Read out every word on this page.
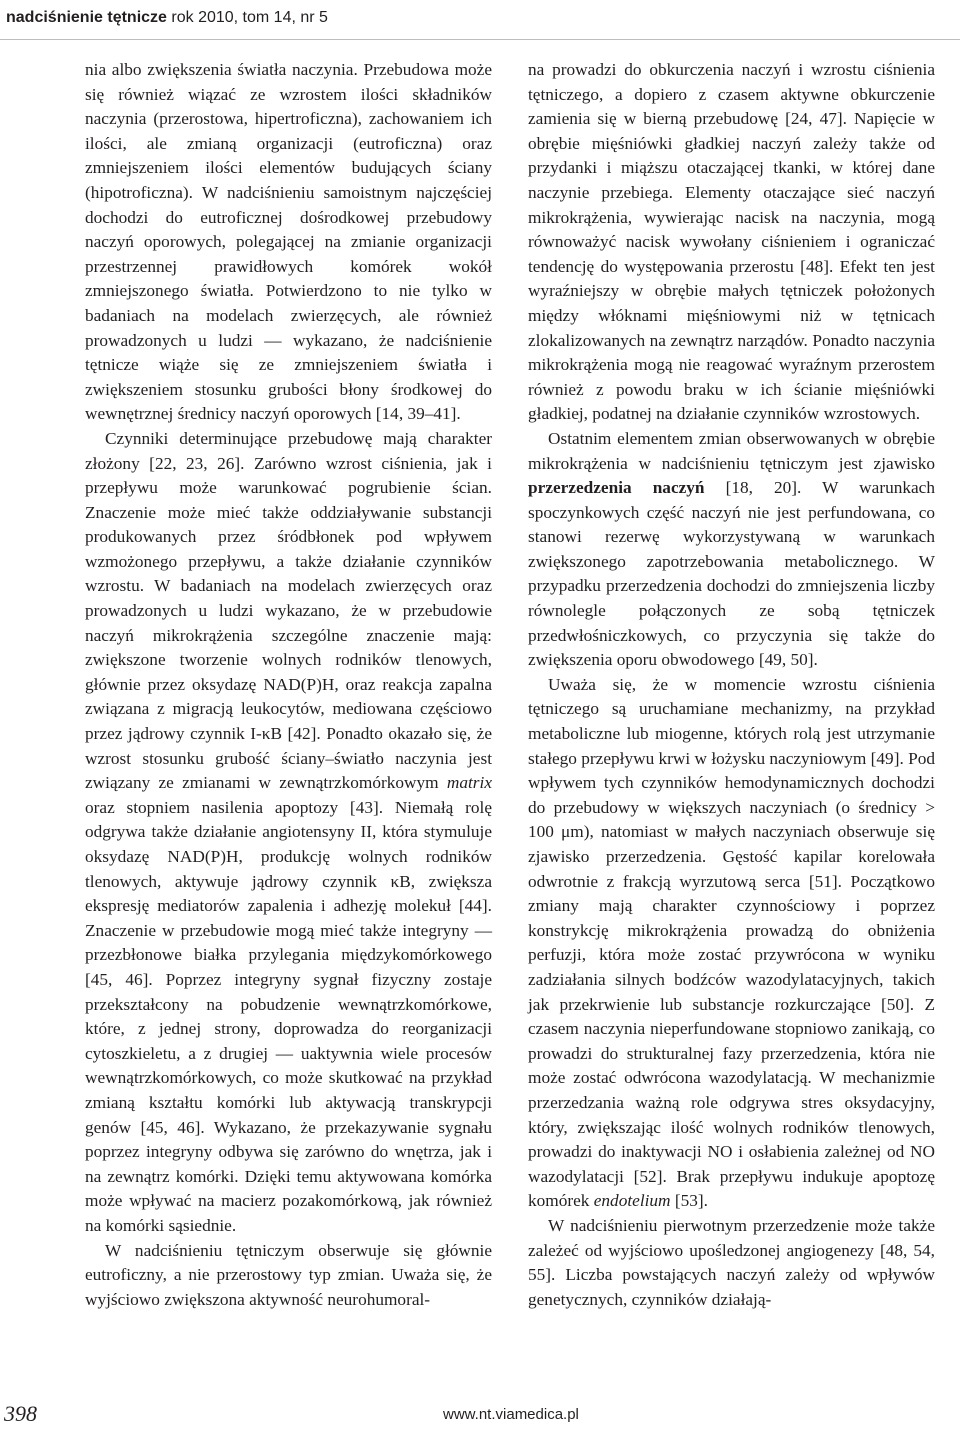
nadciśnienie tętnicze rok 2010, tom 14, nr 5

nia albo zwiększenia światła naczynia. Przebudowa może się również wiązać ze wzrostem ilości składników naczynia (przerostowa, hipertroficzna), zachowaniem ich ilości, ale zmianą organizacji (eutroficzna) oraz zmniejszeniem ilości elementów budujących ściany (hipotroficzna). W nadciśnieniu samoistnym najczęściej dochodzi do eutroficznej dośrodkowej przebudowy naczyń oporowych, polegającej na zmianie organizacji przestrzennej prawidłowych komórek wokół zmniejszonego światła. Potwierdzono to nie tylko w badaniach na modelach zwierzęcych, ale również prowadzonych u ludzi — wykazano, że nadciśnienie tętnicze wiąże się ze zmniejszeniem światła i zwiększeniem stosunku grubości błony środkowej do wewnętrznej średnicy naczyń oporowych [14, 39–41].

Czynniki determinujące przebudowę mają charakter złożony [22, 23, 26]. Zarówno wzrost ciśnienia, jak i przepływu może warunkować pogrubienie ścian. Znaczenie może mieć także oddziaływanie substancji produkowanych przez śródbłonek pod wpływem wzmożonego przepływu, a także działanie czynników wzrostu. W badaniach na modelach zwierzęcych oraz prowadzonych u ludzi wykazano, że w przebudowie naczyń mikrokrążenia szczególne znaczenie mają: zwiększone tworzenie wolnych rodników tlenowych, głównie przez oksydazę NAD(P)H, oraz reakcja zapalna związana z migracją leukocytów, mediowana częściowo przez jądrowy czynnik I-κB [42]. Ponadto okazało się, że wzrost stosunku grubość ściany–światło naczynia jest związany ze zmianami w zewnątrzkomórkowym matrix oraz stopniem nasilenia apoptozy [43]. Niemałą rolę odgrywa także działanie angiotensyny II, która stymuluje oksydazę NAD(P)H, produkcję wolnych rodników tlenowych, aktywuje jądrowy czynnik κB, zwiększa ekspresję mediatorów zapalenia i adhezję molekuł [44]. Znaczenie w przebudowie mogą mieć także integryny — przezbłonowe białka przylegania międzykomórkowego [45, 46]. Poprzez integryny sygnał fizyczny zostaje przekształcony na pobudzenie wewnątrzkomórkowe, które, z jednej strony, doprowadza do reorganizacji cytoszkieletu, a z drugiej — uaktywnia wiele procesów wewnątrzkomórkowych, co może skutkować na przykład zmianą kształtu komórki lub aktywacją transkrypcji genów [45, 46]. Wykazano, że przekazywanie sygnału poprzez integryny odbywa się zarówno do wnętrza, jak i na zewnątrz komórki. Dzięki temu aktywowana komórka może wpływać na macierz pozakomórkową, jak również na komórki sąsiednie.

W nadciśnieniu tętniczym obserwuje się głównie eutroficzny, a nie przerostowy typ zmian. Uważa się, że wyjściowo zwiększona aktywność neurohumoral-

na prowadzi do obkurczenia naczyń i wzrostu ciśnienia tętniczego, a dopiero z czasem aktywne obkurczenie zamienia się w bierną przebudowę [24, 47]. Napięcie w obrębie mięśniówki gładkiej naczyń zależy także od przydanki i miąższu otaczającej tkanki, w której dane naczynie przebiega. Elementy otaczające sieć naczyń mikrokrążenia, wywierając nacisk na naczynia, mogą równoważyć nacisk wywołany ciśnieniem i ograniczać tendencję do występowania przerostu [48]. Efekt ten jest wyraźniejszy w obrębie małych tętniczek położonych między włóknami mięśniowymi niż w tętnicach zlokalizowanych na zewnątrz narządów. Ponadto naczynia mikrokrążenia mogą nie reagować wyraźnym przerostem również z powodu braku w ich ścianie mięśniówki gładkiej, podatnej na działanie czynników wzrostowych.

Ostatnim elementem zmian obserwowanych w obrębie mikrokrążenia w nadciśnieniu tętniczym jest zjawisko przerzedzenia naczyń [18, 20]. W warunkach spoczynkowych część naczyń nie jest perfundowana, co stanowi rezerwę wykorzystywaną w warunkach zwiększonego zapotrzebowania metabolicznego. W przypadku przerzedzenia dochodzi do zmniejszenia liczby równolegle połączonych ze sobą tętniczek przedwłośniczkowych, co przyczynia się także do zwiększenia oporu obwodowego [49, 50].

Uważa się, że w momencie wzrostu ciśnienia tętniczego są uruchamiane mechanizmy, na przykład metaboliczne lub miogenne, których rolą jest utrzymanie stałego przepływu krwi w łożysku naczyniowym [49]. Pod wpływem tych czynników hemodynamicznych dochodzi do przebudowy w większych naczyniach (o średnicy > 100 μm), natomiast w małych naczyniach obserwuje się zjawisko przerzedzenia. Gęstość kapilar korelowała odwrotnie z frakcją wyrzutową serca [51]. Początkowo zmiany mają charakter czynnościowy i poprzez konstrykcję mikrokrążenia prowadzą do obniżenia perfuzji, która może zostać przywrócona w wyniku zadziałania silnych bodźców wazodylatacyjnych, takich jak przekrwienie lub substancje rozkurczające [50]. Z czasem naczynia nieperfundowane stopniowo zanikają, co prowadzi do strukturalnej fazy przerzedzenia, która nie może zostać odwrócona wazodylatacją. W mechanizmie przerzedzania ważną role odgrywa stres oksydacyjny, który, zwiększając ilość wolnych rodników tlenowych, prowadzi do inaktywacji NO i osłabienia zależnej od NO wazodylatacji [52]. Brak przepływu indukuje apoptozę komórek endotelium [53].

W nadciśnieniu pierwotnym przerzedzenie może także zależeć od wyjściowo upośledzonej angiogenezy [48, 54, 55]. Liczba powstających naczyń zależy od wpływów genetycznych, czynników działają-

398	www.nt.viamedica.pl
